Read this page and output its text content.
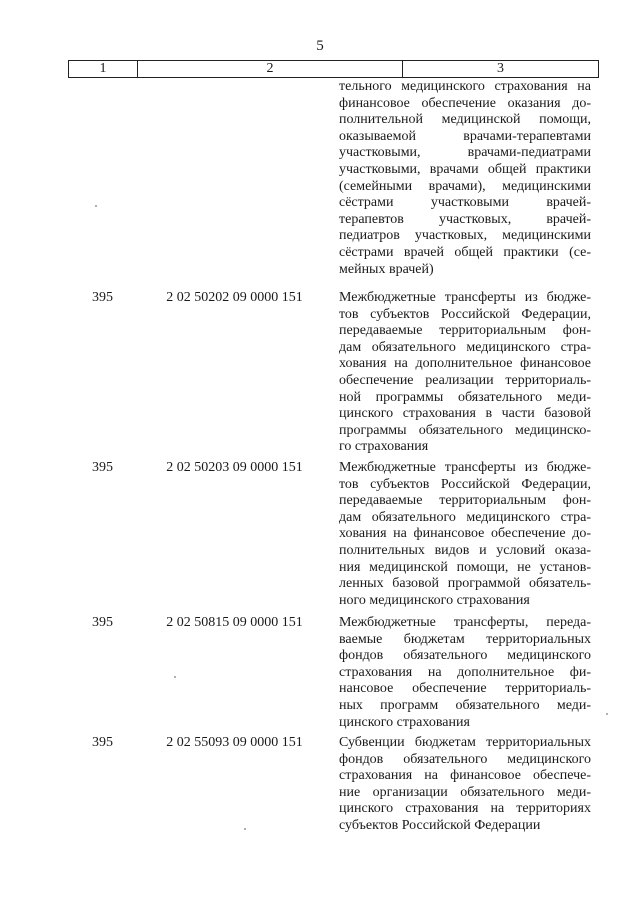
5
1	2	3
тельного медицинского страхования на
финансовое обеспечение оказания до-
полнительной медицинской помощи,
оказываемой врачами-терапевтами
участковыми, врачами-педиатрами
участковыми, врачами общей практики
(семейными врачами), медицинскими
сёстрами участковыми врачей-
терапевтов участковых, врачей-
педиатров участковых, медицинскими
сёстрами врачей общей практики (се-
мейных врачей)
395	2 02 50202 09 0000 151	Межбюджетные трансферты из бюдже-
тов субъектов Российской Федерации,
передаваемые территориальным фон-
дам обязательного медицинского стра-
хования на дополнительное финансовое
обеспечение реализации территориаль-
ной программы обязательного меди-
цинского страхования в части базовой
программы обязательного медицинско-
го страхования
395	2 02 50203 09 0000 151	Межбюджетные трансферты из бюдже-
тов субъектов Российской Федерации,
передаваемые территориальным фон-
дам обязательного медицинского стра-
хования на финансовое обеспечение до-
полнительных видов и условий оказа-
ния медицинской помощи, не установ-
ленных базовой программой обязатель-
ного медицинского страхования
395	2 02 50815 09 0000 151	Межбюджетные трансферты, переда-
ваемые бюджетам территориальных
фондов обязательного медицинского
страхования на дополнительное фи-
нансовое обеспечение территориаль-
ных программ обязательного меди-
цинского страхования
395	2 02 55093 09 0000 151	Субвенции бюджетам территориальных
фондов обязательного медицинского
страхования на финансовое обеспече-
ние организации обязательного меди-
цинского страхования на территориях
субъектов Российской Федерации
